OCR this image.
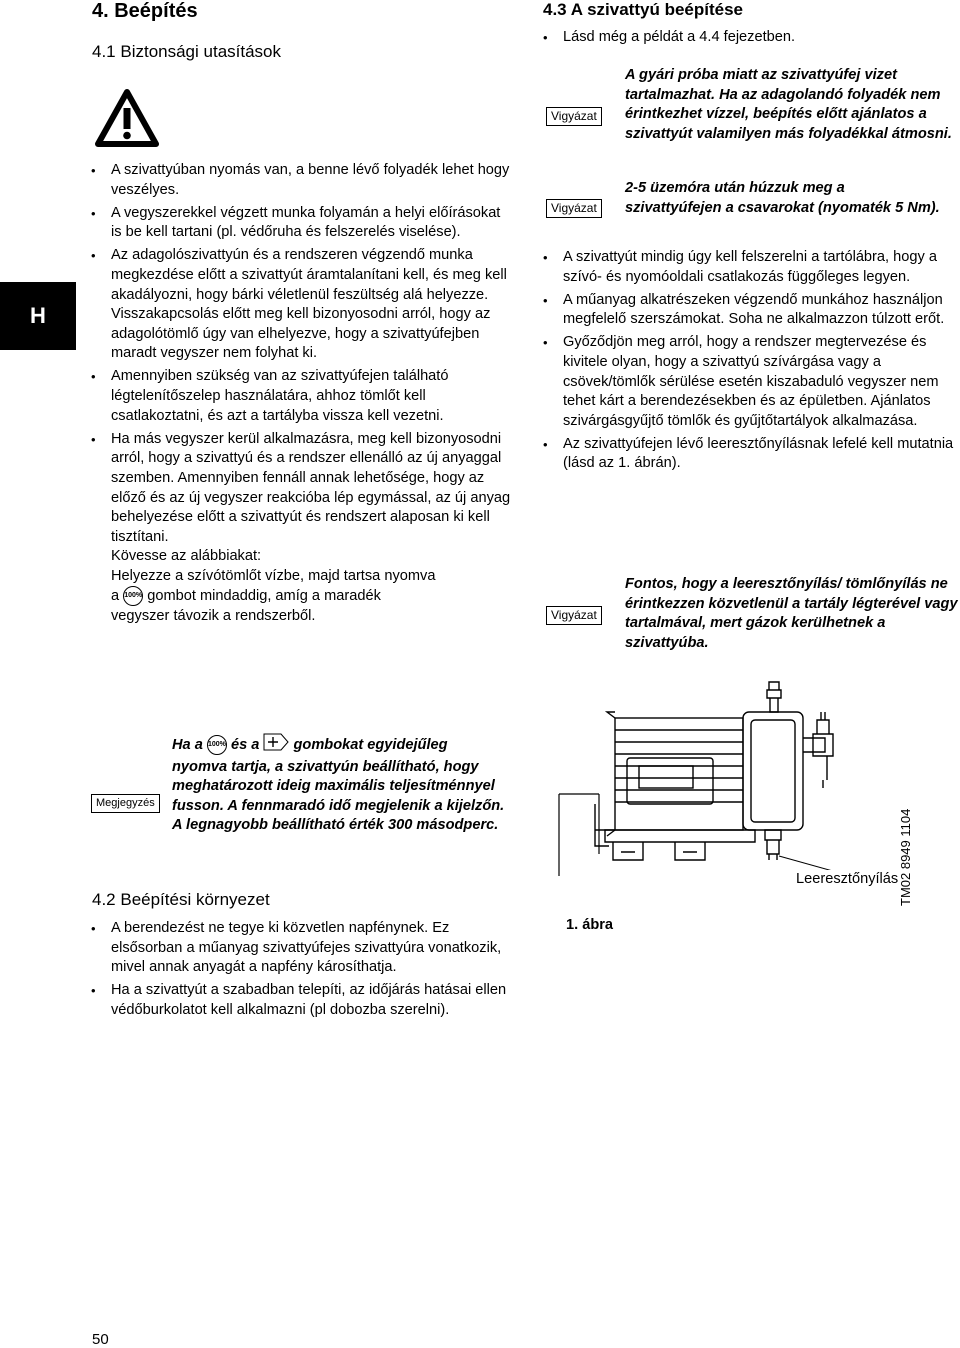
H
4. Beépítés
4.1 Biztonsági utasítások
• A szivattyúban nyomás van, a benne lévő folyadék lehet hogy veszélyes.
• A vegyszerekkel végzett munka folyamán a helyi előírásokat is be kell tartani (pl. védőruha és felszerelés viselése).
• Az adagolószivattyún és a rendszeren végzendő munka megkezdése előtt a szivattyút áramtalanítani kell, és meg kell akadályozni, hogy bárki véletlenül feszültség alá helyezze. Visszakapcsolás előtt meg kell bizonyosodni arról, hogy az adagolótömlő úgy van elhelyezve, hogy a szivattyúfejben maradt vegyszer nem folyhat ki.
• Amennyiben szükség van az szivattyúfejen található légtelenítőszelep használatára, ahhoz tömlőt kell csatlakoztatni, és azt a tartályba vissza kell vezetni.
• Ha más vegyszer kerül alkalmazásra, meg kell bizonyosodni arról, hogy a szivattyú és a rendszer ellenálló az új anyaggal szemben. Amennyiben fennáll annak lehetősége, hogy az előző és az új vegyszer reakcióba lép egymással, az új anyag behelyezése előtt a szivattyút és rendszert alaposan ki kell tisztítani.
Kövesse az alábbiakat:
Helyezze a szívótömlőt vízbe, majd tartsa nyomva
a 100% gombot mindaddig, amíg a maradék
vegyszer távozik a rendszerből.
Megjegyzés
Ha a 100% és a gombokat egyidejűleg
nyomva tartja, a szivattyún beállítható, hogy meghatározott ideig maximális teljesítménnyel fusson. A fennmaradó idő megjelenik a kijelzőn. A legnagyobb beállítható érték 300 másodperc.
4.2 Beépítési környezet
• A berendezést ne tegye ki közvetlen napfénynek. Ez elsősorban a műanyag szivattyúfejes szivattyúra vonatkozik, mivel annak anyagát a napfény károsíthatja.
• Ha a szivattyút a szabadban telepíti, az időjárás hatásai ellen védőburkolatot kell alkalmazni (pl dobozba szerelni).
50
4.3 A szivattyú beépítése
• Lásd még a példát a 4.4 fejezetben.
Vigyázat
A gyári próba miatt az szivattyúfej vizet tartalmazhat. Ha az adagolandó folyadék nem érintkezhet vízzel, beépítés előtt ajánlatos a szivattyút valamilyen más folyadékkal átmosni.
Vigyázat
2-5 üzemóra után húzzuk meg a szivattyúfejen a csavarokat (nyomaték 5 Nm).
• A szivattyút mindig úgy kell felszerelni a tartólábra, hogy a szívó- és nyomóoldali csatlakozás függőleges legyen.
• A műanyag alkatrészeken végzendő munkához használjon megfelelő szerszámokat. Soha ne alkalmazzon túlzott erőt.
• Győződjön meg arról, hogy a rendszer megtervezése és kivitele olyan, hogy a szivattyú szívárgása vagy a csövek/tömlők sérülése esetén kiszabaduló vegyszer nem tehet kárt a berendezésekben és az épületben. Ajánlatos szivárgásgyűjtő tömlők és gyűjtőtartályok alkalmazása.
• Az szivattyúfejen lévő leeresztőnyílásnak lefelé kell mutatnia (lásd az 1. ábrán).
Vigyázat
Fontos, hogy a leeresztőnyílás/ tömlőnyílás ne érintkezzen közvetlenül a tartály légterével vagy tartalmával, mert gázok kerülhetnek a szivattyúba.
Leeresztőnyílás
1. ábra
TM02 8949 1104
